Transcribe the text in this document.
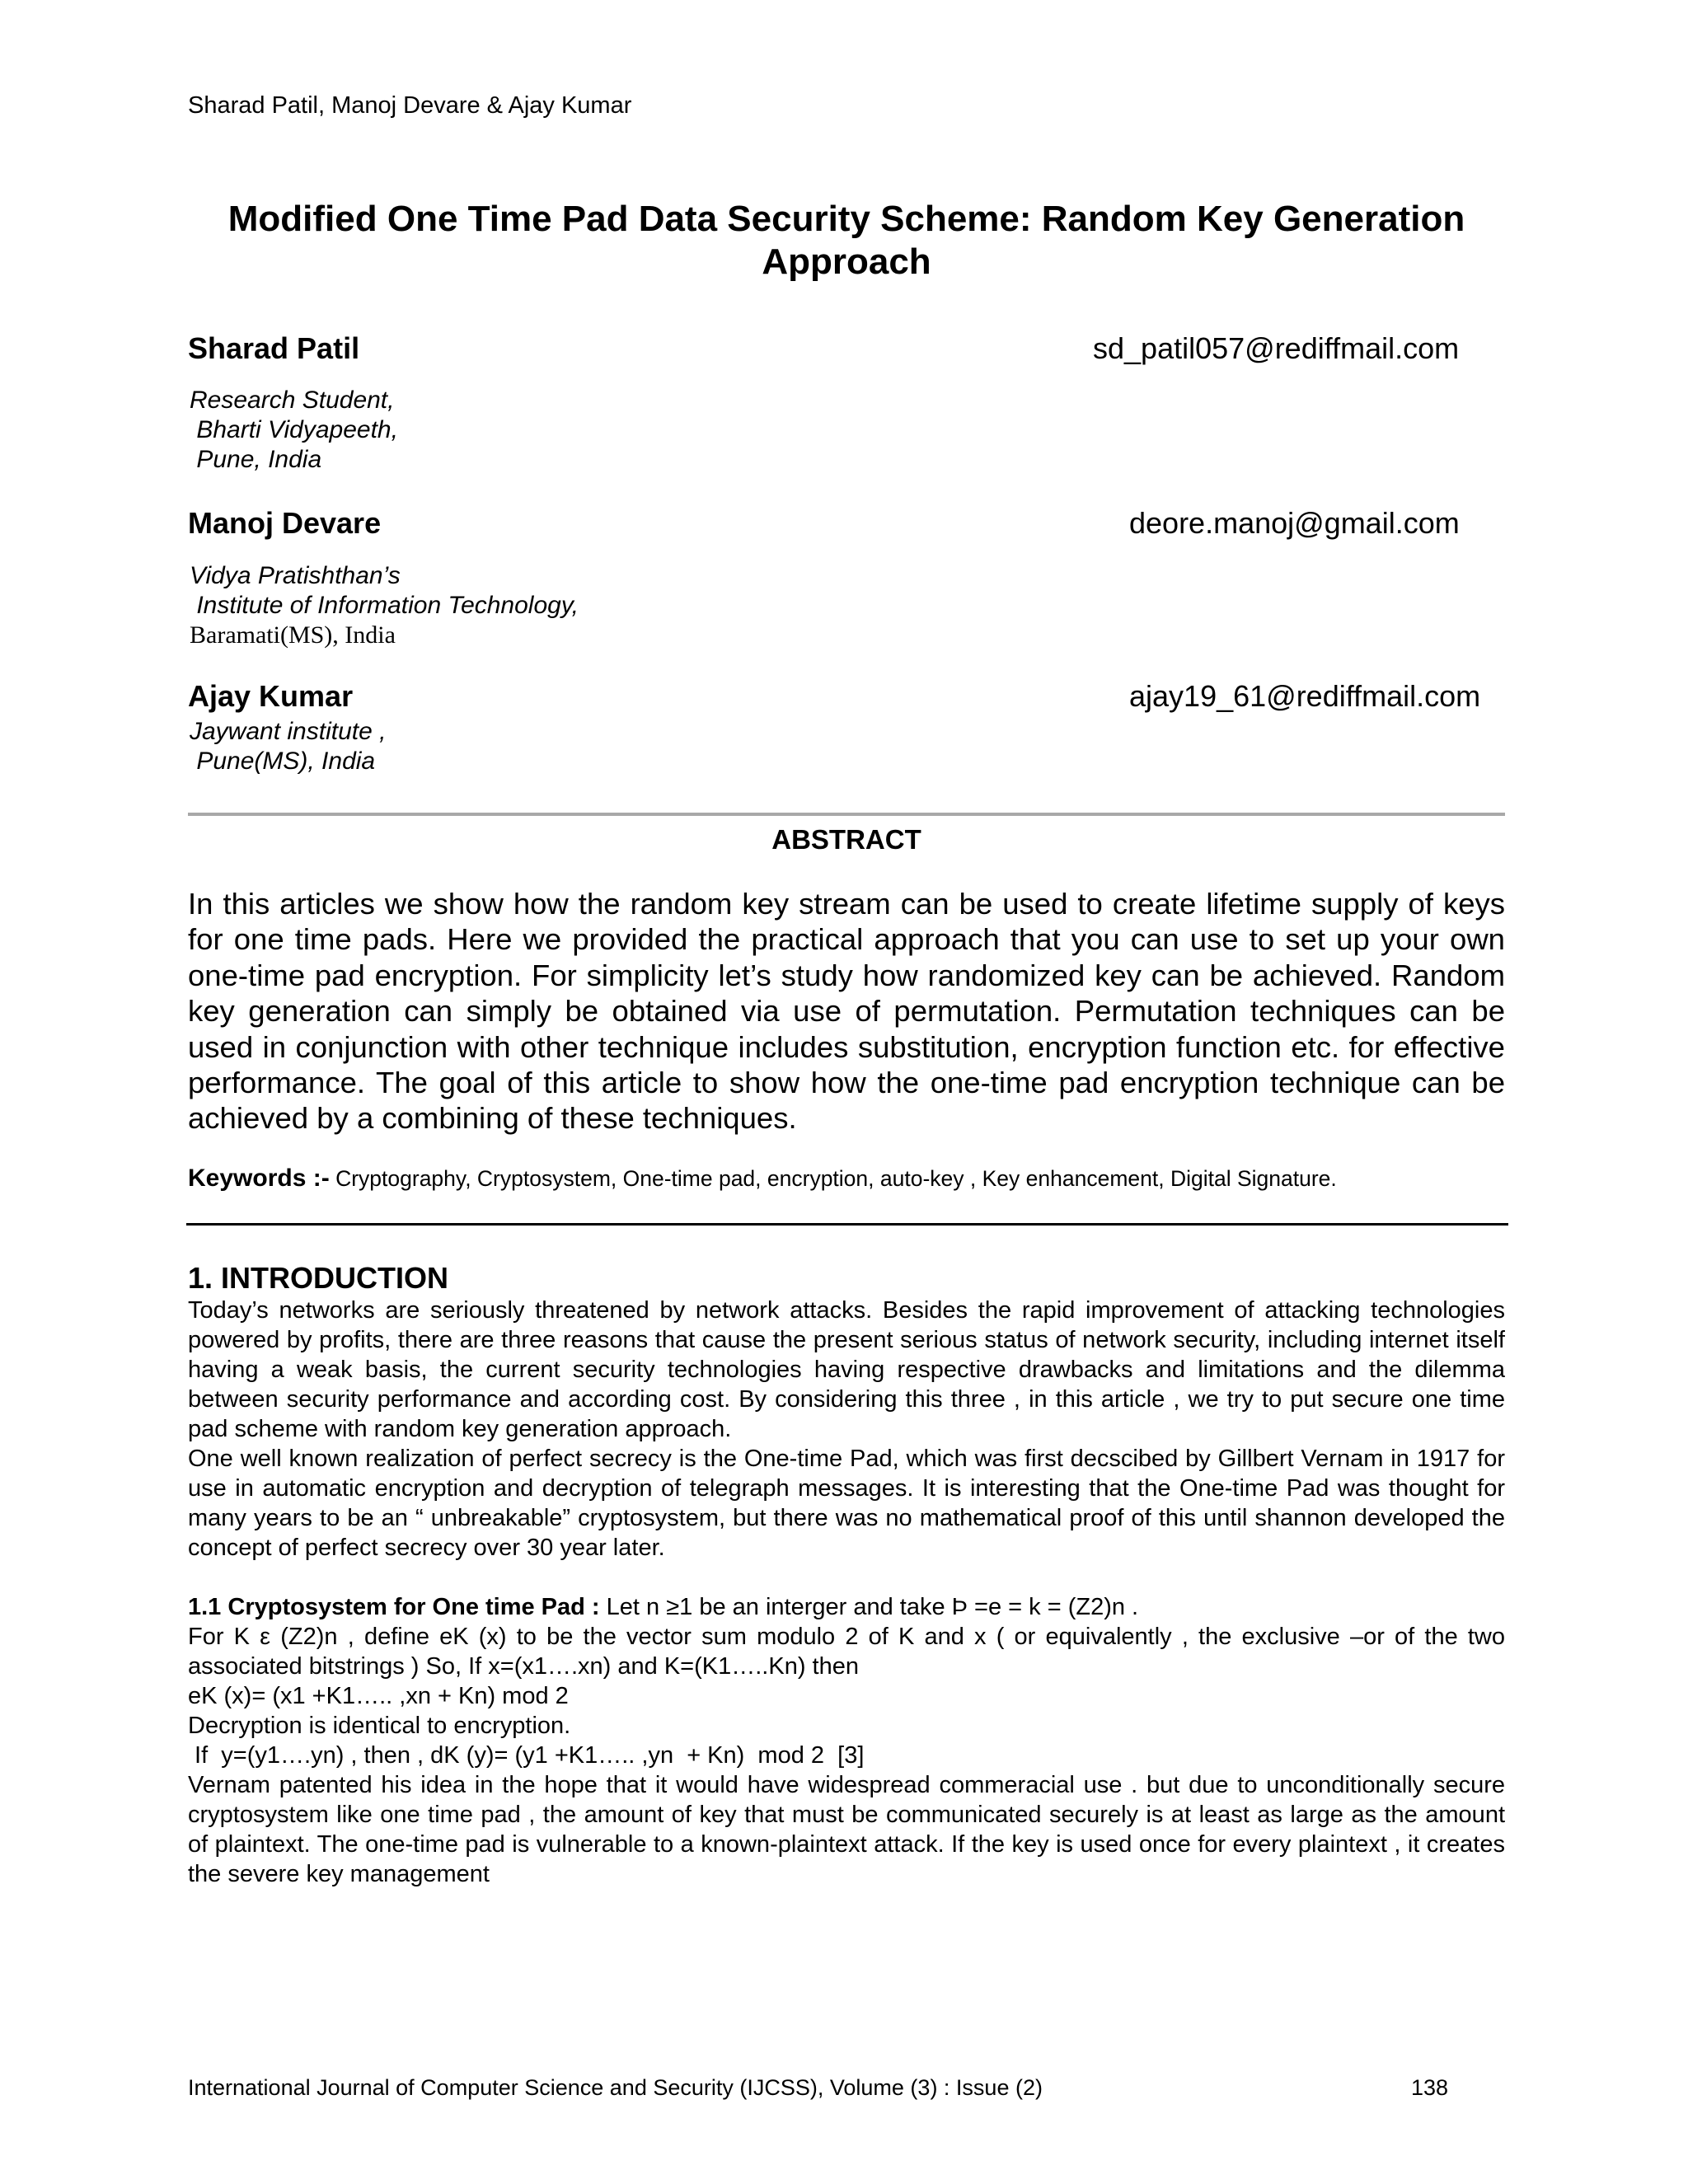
Sharad Patil, Manoj Devare & Ajay Kumar
Modified One Time Pad Data Security Scheme: Random Key Generation Approach
Sharad Patil	sd_patil057@rediffmail.com
Research Student,
Bharti Vidyapeeth,
Pune, India
Manoj Devare	deore.manoj@gmail.com
Vidya Pratishthan’s
Institute of Information Technology,
Baramati(MS), India
Ajay Kumar	ajay19_61@rediffmail.com
Jaywant institute ,
Pune(MS), India
ABSTRACT
In this articles we show how the random key stream can be used to create lifetime supply of keys for one time pads. Here we provided the practical approach that you can use to set up your own one-time pad encryption. For simplicity let’s study how randomized key can be achieved. Random key generation can simply be obtained via use of permutation. Permutation techniques can be used in conjunction with other technique includes substitution, encryption function etc. for effective performance. The goal of this article to show how the one-time pad encryption technique can be achieved by a combining of these techniques.
Keywords :- Cryptography, Cryptosystem, One-time pad, encryption, auto-key , Key enhancement, Digital Signature.
1. INTRODUCTION
Today’s networks are seriously threatened by network attacks. Besides the rapid improvement of attacking technologies powered by profits, there are three reasons that cause the present serious status of network security, including internet itself having a weak basis, the current security technologies having respective drawbacks and limitations and the dilemma between security performance and according cost. By considering this three , in this article , we try to put secure one time pad scheme with random key generation approach.
One well known realization of perfect secrecy is the One-time Pad, which was first decscibed by Gillbert Vernam in 1917 for use in automatic encryption and decryption of telegraph messages. It is interesting that the One-time Pad was thought for many years to be an “ unbreakable” cryptosystem, but there was no mathematical proof of this until shannon developed the concept of perfect secrecy over 30 year later.
1.1 Cryptosystem for One time Pad : Let n ≥1 be an interger and take Þ =e = k = (Z2)n .
For K ε (Z2)n , define eK (x) to be the vector sum modulo 2 of K and x ( or equivalently , the exclusive –or of the two associated bitstrings ) So, If x=(x1….xn) and K=(K1…..Kn) then
eK (x)= (x1 +K1….. ,xn + Kn) mod 2
Decryption is identical to encryption.
If  y=(y1….yn) , then , dK (y)= (y1 +K1….. ,yn  + Kn)  mod 2  [3]
Vernam patented his idea in the hope that it would have widespread commeracial use . but due to unconditionally secure cryptosystem like one time pad , the amount of key that must be communicated securely is at least as large as the amount of plaintext. The one-time pad is vulnerable to a known-plaintext attack. If the key is used once for every plaintext , it creates the severe key management
International Journal of Computer Science and Security (IJCSS), Volume (3) : Issue (2)	138
